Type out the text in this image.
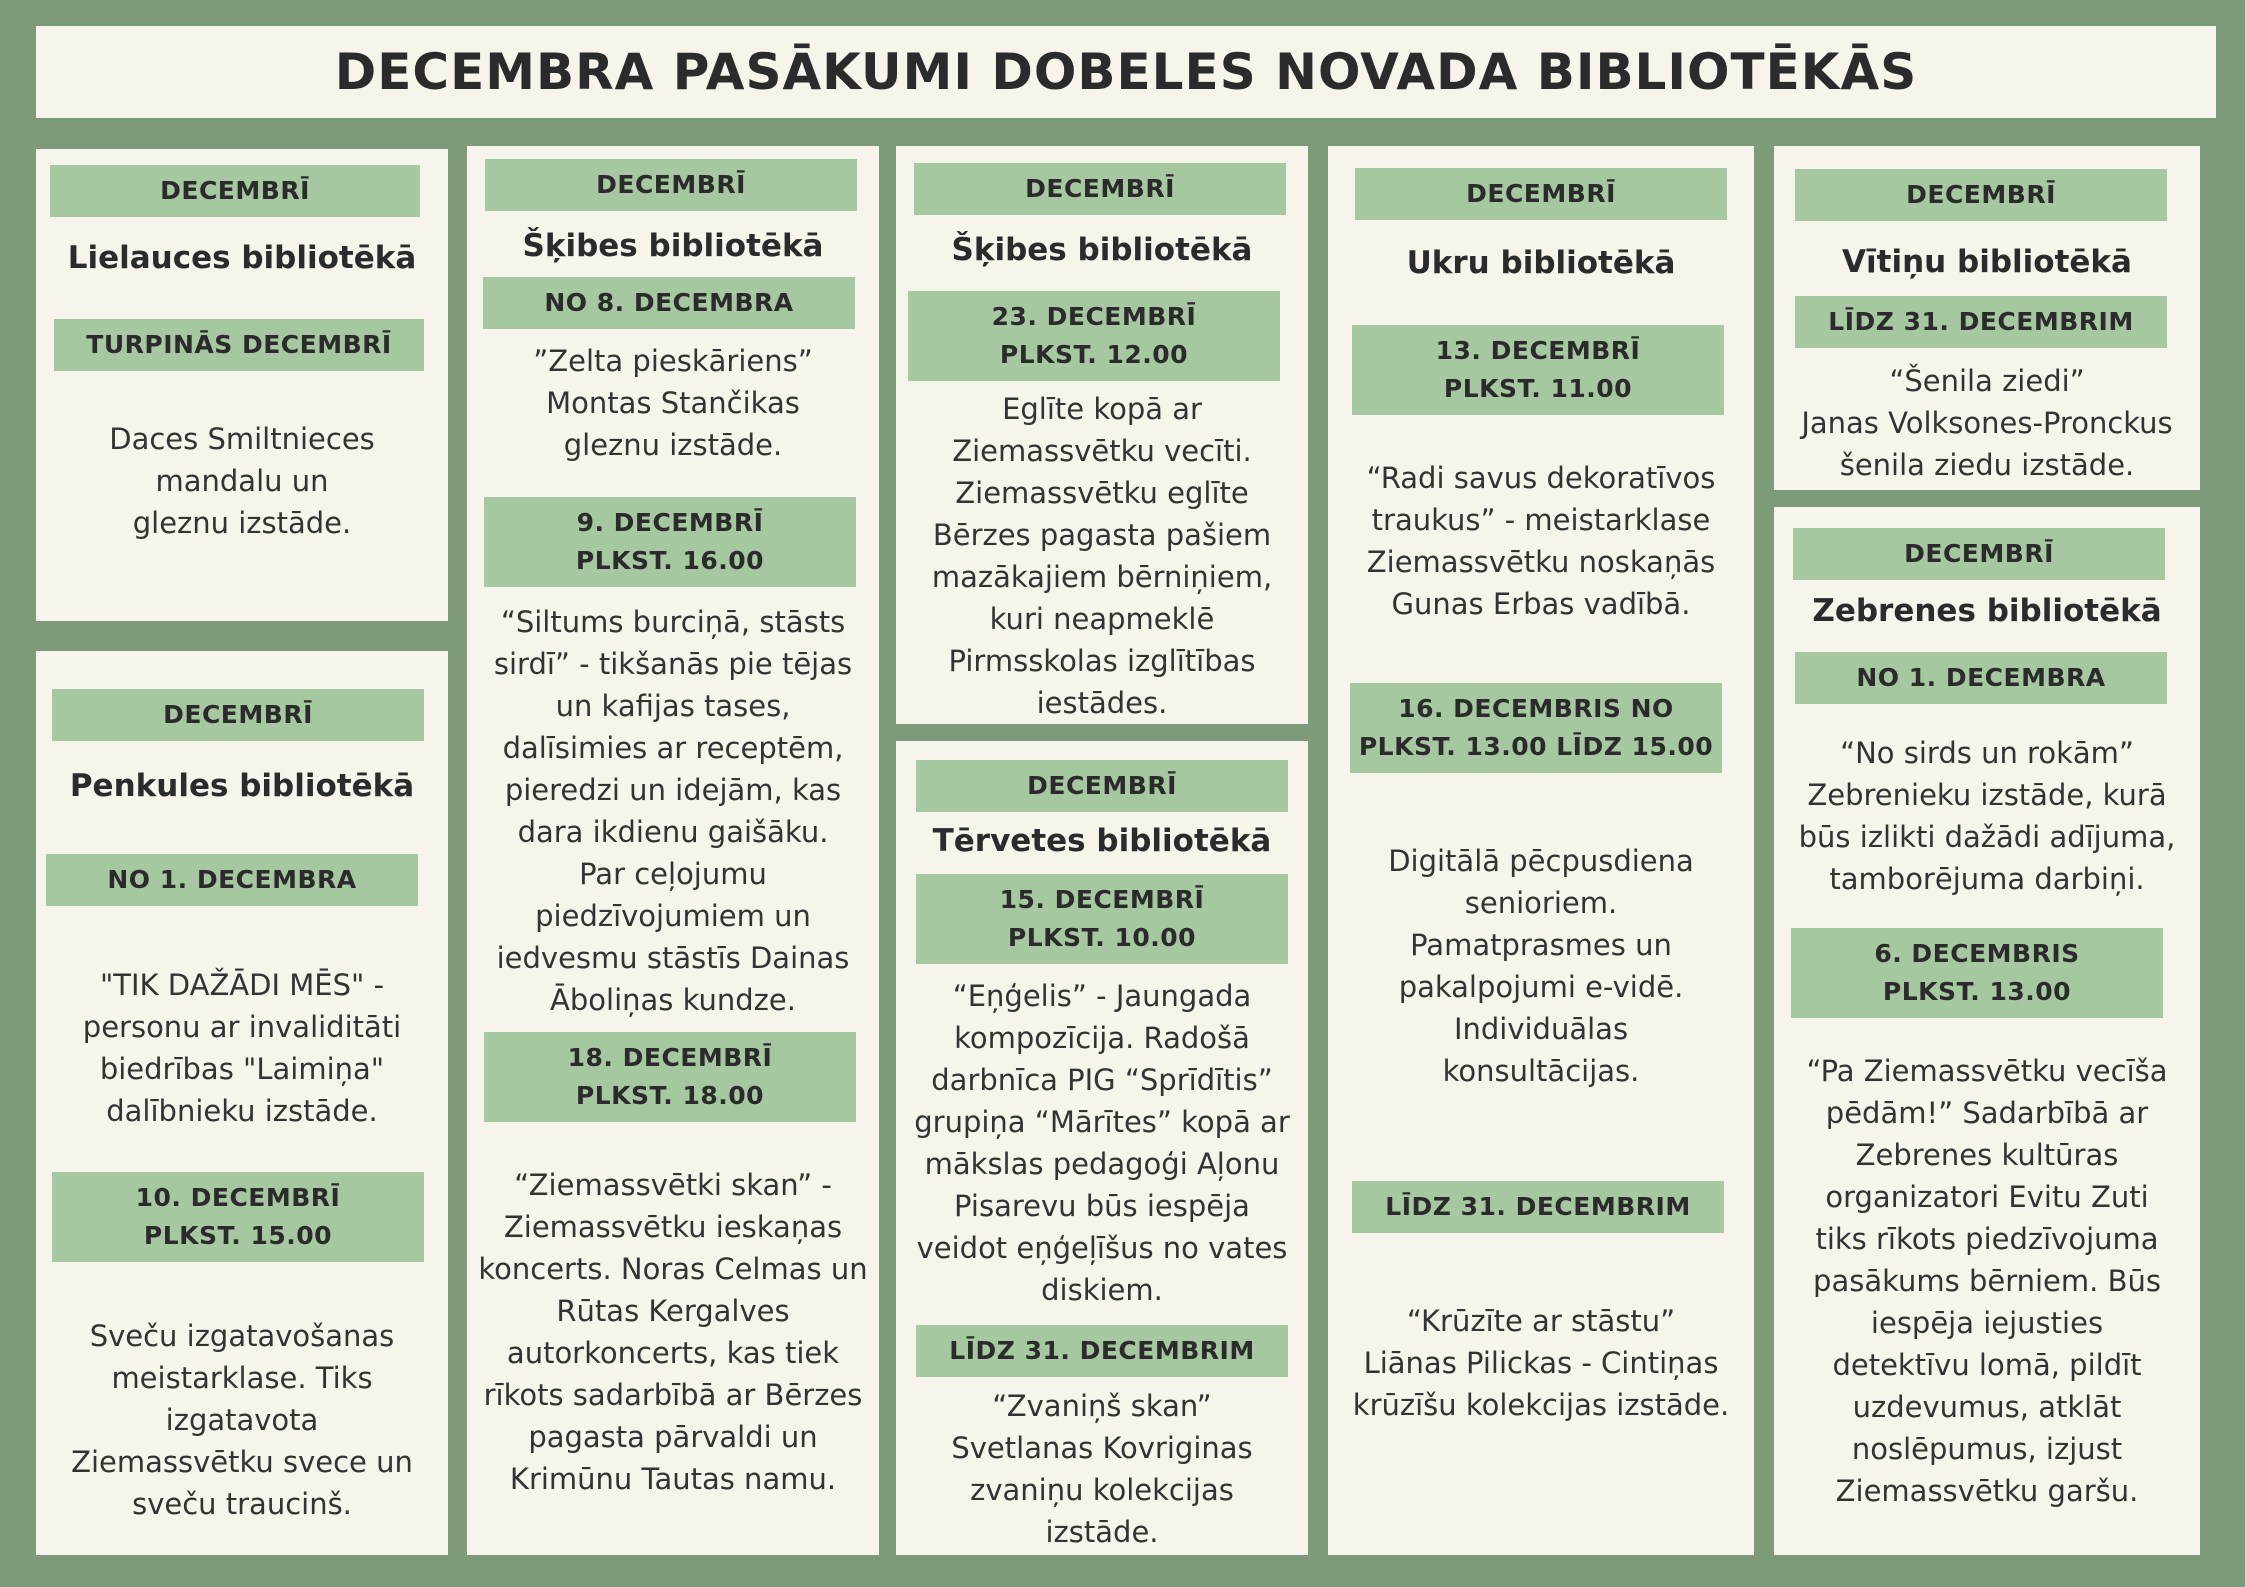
DECEMBRA PASĀKUMI DOBELES NOVADA BIBLIOTĒKĀS
DECEMBRĪ
Lielauces bibliotēkā
TURPINĀS DECEMBRĪ
Daces Smiltnieces
mandalu un
gleznu izstāde.
DECEMBRĪ
Penkules bibliotēkā
NO 1. DECEMBRA
"TIK DAŽĀDI MĒS" -
personu ar invaliditāti
biedrības "Laimiņa"
dalībnieku izstāde.
10. DECEMBRĪ
PLKST. 15.00
Sveču izgatavošanas
meistarklase. Tiks
izgatavota
Ziemassvētku svece un
sveču traucinš.
DECEMBRĪ
Šķibes bibliotēkā
NO 8. DECEMBRA
”Zelta pieskāriens”
Montas Stančikas
gleznu izstāde.
9. DECEMBRĪ
PLKST. 16.00
“Siltums burciņā, stāsts
sirdī” - tikšanās pie tējas
un kafijas tases,
dalīsimies ar receptēm,
pieredzi un idejām, kas
dara ikdienu gaišāku.
Par ceļojumu
piedzīvojumiem un
iedvesmu stāstīs Dainas
Āboliņas kundze.
18. DECEMBRĪ
PLKST. 18.00
“Ziemassvētki skan” -
Ziemassvētku ieskaņas
koncerts. Noras Celmas un
Rūtas Kergalves
autorkoncerts, kas tiek
rīkots sadarbībā ar Bērzes
pagasta pārvaldi un
Krimūnu Tautas namu.
DECEMBRĪ
Šķibes bibliotēkā
23. DECEMBRĪ
PLKST. 12.00
Eglīte kopā ar
Ziemassvētku vecīti.
Ziemassvētku eglīte
Bērzes pagasta pašiem
mazākajiem bērniņiem,
kuri neapmeklē
Pirmsskolas izglītības
iestādes.
DECEMBRĪ
Tērvetes bibliotēkā
15. DECEMBRĪ
PLKST. 10.00
“Eņģelis” - Jaungada
kompozīcija. Radošā
darbnīca PIG “Sprīdītis”
grupiņa “Mārītes” kopā ar
mākslas pedagoģi Aļonu
Pisarevu būs iespēja
veidot eņģeļīšus no vates
diskiem.
LĪDZ 31. DECEMBRIM
“Zvaniņš skan”
Svetlanas Kovriginas
zvaniņu kolekcijas
izstāde.
DECEMBRĪ
Ukru bibliotēkā
13. DECEMBRĪ
PLKST. 11.00
“Radi savus dekoratīvos
traukus” - meistarklase
Ziemassvētku noskaņās
Gunas Erbas vadībā.
16. DECEMBRIS NO
PLKST. 13.00 LĪDZ 15.00
Digitālā pēcpusdiena
senioriem.
Pamatprasmes un
pakalpojumi e-vidē.
Individuālas
konsultācijas.
LĪDZ 31. DECEMBRIM
“Krūzīte ar stāstu”
Liānas Pilickas - Cintiņas
krūzīšu kolekcijas izstāde.
DECEMBRĪ
Vītiņu bibliotēkā
LĪDZ 31. DECEMBRIM
“Šenila ziedi”
Janas Volksones-Pronckus
šenila ziedu izstāde.
DECEMBRĪ
Zebrenes bibliotēkā
NO 1. DECEMBRA
“No sirds un rokām”
Zebrenieku izstāde, kurā
būs izlikti dažādi adījuma,
tamborējuma darbiņi.
6. DECEMBRIS
PLKST. 13.00
“Pa Ziemassvētku vecīša
pēdām!” Sadarbībā ar
Zebrenes kultūras
organizatori Evitu Zuti
tiks rīkots piedzīvojuma
pasākums bērniem. Būs
iespēja iejusties
detektīvu lomā, pildīt
uzdevumus, atklāt
noslēpumus, izjust
Ziemassvētku garšu.
